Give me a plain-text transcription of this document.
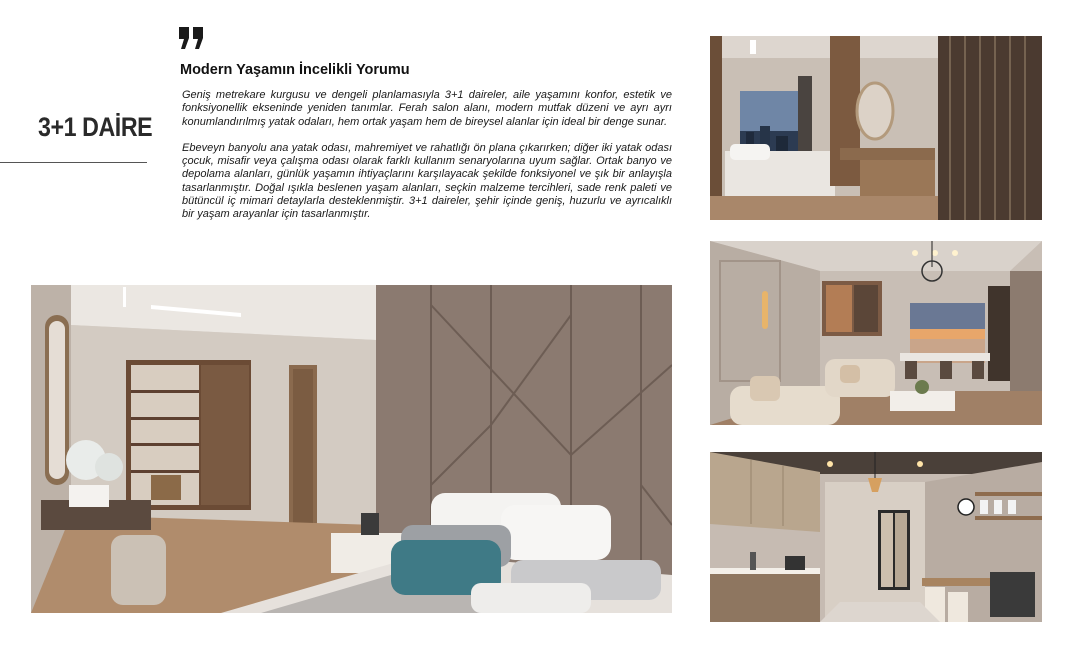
3+1 DAİRE
Modern Yaşamın İncelikli Yorumu

Geniş metrekare kurgusu ve dengeli planlamasıyla 3+1 daireler, aile yaşamını konfor, estetik ve fonksiyonellik ekseninde yeniden tanımlar. Ferah salon alanı, modern mutfak düzeni ve ayrı ayrı konumlandırılmış yatak odaları, hem ortak yaşam hem de bireysel alanlar için ideal bir denge sunar.

Ebeveyn banyolu ana yatak odası, mahremiyet ve rahatlığı ön plana çıkarırken; diğer iki yatak odası çocuk, misafir veya çalışma odası olarak farklı kullanım senaryolarına uyum sağlar. Ortak banyo ve depolama alanları, günlük yaşamın ihtiyaçlarını karşılayacak şekilde fonksiyonel ve şık bir anlayışla tasarlanmıştır. Doğal ışıkla beslenen yaşam alanları, seçkin malzeme tercihleri, sade renk paleti ve bütüncül iç mimari detaylarla desteklenmiştir. 3+1 daireler, şehir içinde geniş, huzurlu ve ayrıcalıklı bir yaşam arayanlar için tasarlanmıştır.
